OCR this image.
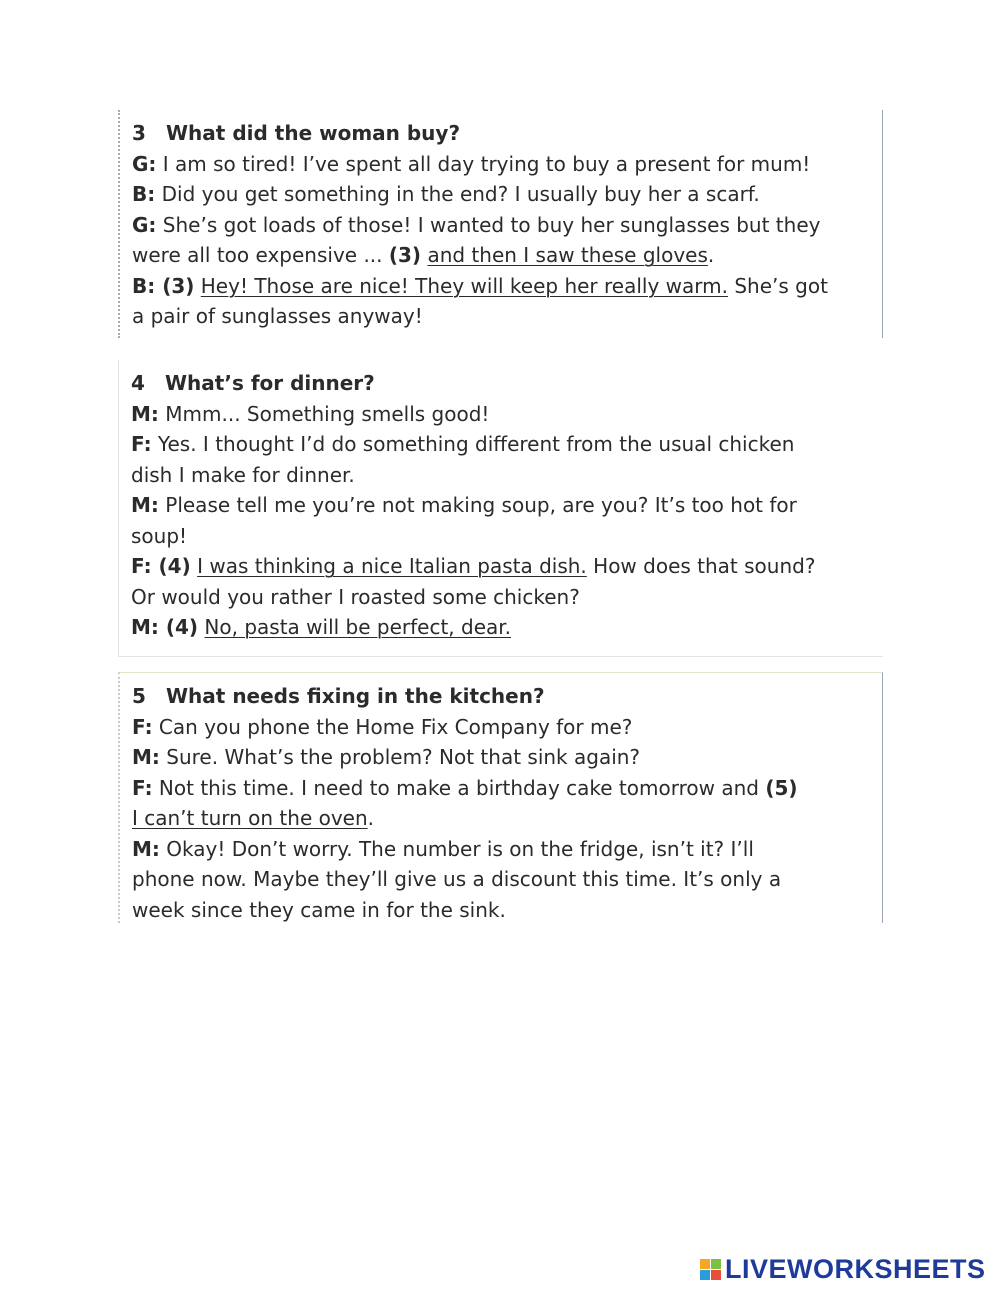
3 What did the woman buy?
G: I am so tired! I’ve spent all day trying to buy a present for mum!
B: Did you get something in the end? I usually buy her a scarf.
G: She’s got loads of those! I wanted to buy her sunglasses but they
were all too expensive ... (3) and then I saw these gloves.
B: (3) Hey! Those are nice! They will keep her really warm. She’s got
a pair of sunglasses anyway!
4 What’s for dinner?
M: Mmm... Something smells good!
F: Yes. I thought I’d do something different from the usual chicken
dish I make for dinner.
M: Please tell me you’re not making soup, are you? It’s too hot for
soup!
F: (4) I was thinking a nice Italian pasta dish. How does that sound?
Or would you rather I roasted some chicken?
M: (4) No, pasta will be perfect, dear.
5 What needs fixing in the kitchen?
F: Can you phone the Home Fix Company for me?
M: Sure. What’s the problem? Not that sink again?
F: Not this time. I need to make a birthday cake tomorrow and (5)
I can’t turn on the oven.
M: Okay! Don’t worry. The number is on the fridge, isn’t it? I’ll
phone now. Maybe they’ll give us a discount this time. It’s only a
week since they came in for the sink.
LIVEWORKSHEETS
